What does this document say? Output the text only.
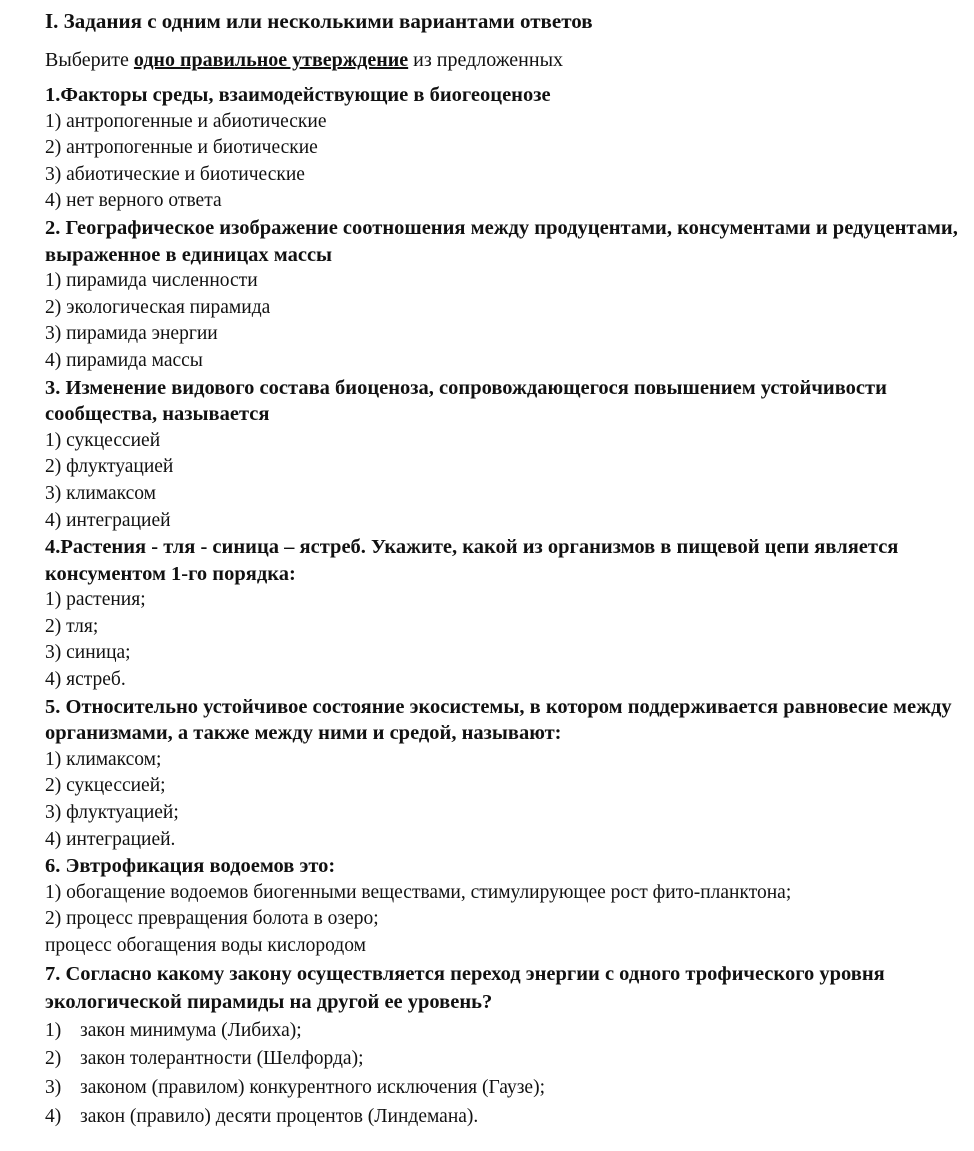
I. Задания с одним или несколькими вариантами ответов

Выберите одно правильное утверждение из предложенных

1.Факторы среды, взаимодействующие в биогеоценозе

1) антропогенные и абиотические

2) антропогенные и биотические

3) абиотические и биотические

4) нет верного ответа

2. Географическое изображение соотношения между продуцентами, консументами и редуцентами, выраженное в единицах массы

1) пирамида численности

2) экологическая пирамида

3) пирамида энергии

4) пирамида массы

3. Изменение видового состава биоценоза, сопровождающегося повышением устойчивости сообщества, называется

1) сукцессией

2) флуктуацией

3) климаксом

4) интеграцией

4.Растения - тля - синица – ястреб. Укажите, какой из организмов в пищевой цепи является консументом 1-го порядка:

1) растения;

2) тля;

3) синица;

4) ястреб.

5. Относительно устойчивое состояние экосистемы, в котором поддерживается равновесие между организмами, а также между ними и средой, называют:

1) климаксом;

2) сукцессией;

3) флуктуацией;

4) интеграцией.

6. Эвтрофикация водоемов это:

1) обогащение водоемов биогенными веществами, стимулирующее рост фито-планктона;

2) процесс превращения болота в озеро;

процесс обогащения воды кислородом

7. Согласно какому закону осуществляется переход энергии с одного трофического уровня экологической пирамиды на другой ее уровень?

1) закон минимума (Либиха);

2) закон толерантности (Шелфорда);

3) законом (правилом) конкурентного исключения (Гаузе);

4) закон (правило) десяти процентов (Линдемана).
